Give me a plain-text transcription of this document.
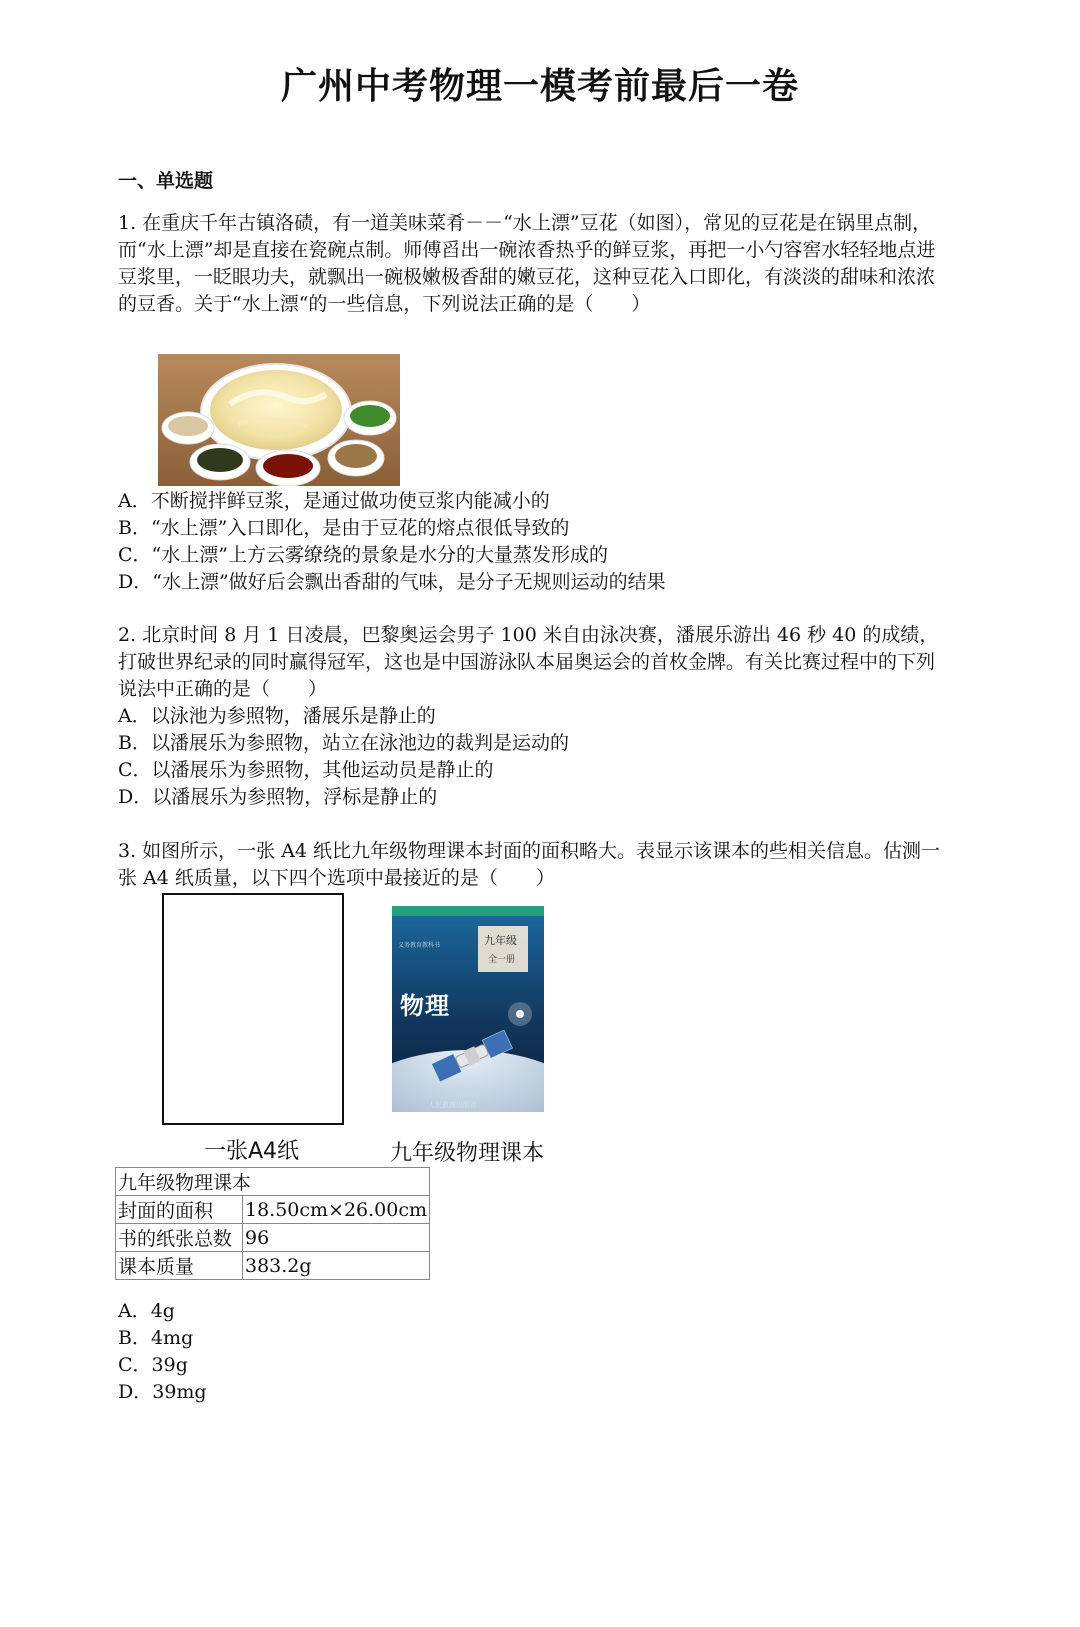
广州中考物理一模考前最后一卷
一、单选题
1. 在重庆千年古镇洛碛，有一道美味菜肴－－“水上漂”豆花（如图），常见的豆花是在锅里点制，而“水上漂”却是直接在瓷碗点制。师傅舀出一碗浓香热乎的鲜豆浆，再把一小勺容窖水轻轻地点进豆浆里，一眨眼功夫，就飘出一碗极嫩极香甜的嫩豆花，这种豆花入口即化，有淡淡的甜味和浓浓的豆香。关于“水上漂“的一些信息，下列说法正确的是（　　）
A．不断搅拌鲜豆浆，是通过做功使豆浆内能减小的
B．“水上漂”入口即化，是由于豆花的熔点很低导致的
C．“水上漂”上方云雾缭绕的景象是水分的大量蒸发形成的
D．“水上漂”做好后会飘出香甜的气味，是分子无规则运动的结果
2. 北京时间 8 月 1 日凌晨，巴黎奥运会男子 100 米自由泳决赛，潘展乐游出 46 秒 40 的成绩，打破世界纪录的同时赢得冠军，这也是中国游泳队本届奥运会的首枚金牌。有关比赛过程中的下列说法中正确的是（　　）
A．以泳池为参照物，潘展乐是静止的
B．以潘展乐为参照物，站立在泳池边的裁判是运动的
C．以潘展乐为参照物，其他运动员是静止的
D．以潘展乐为参照物，浮标是静止的
3. 如图所示，一张 A4 纸比九年级物理课本封面的面积略大。表显示该课本的些相关信息。估测一张 A4 纸质量，以下四个选项中最接近的是（　　）
一张A4纸
义务教育教科书	九年级
全一册
物理
人民教育出版社
九年级物理课本
九年级物理课本	
封面的面积	18.50cm×26.00cm
书的纸张总数	96
课本质量	383.2g
A．4g
B．4mg
C．39g
D．39mg
